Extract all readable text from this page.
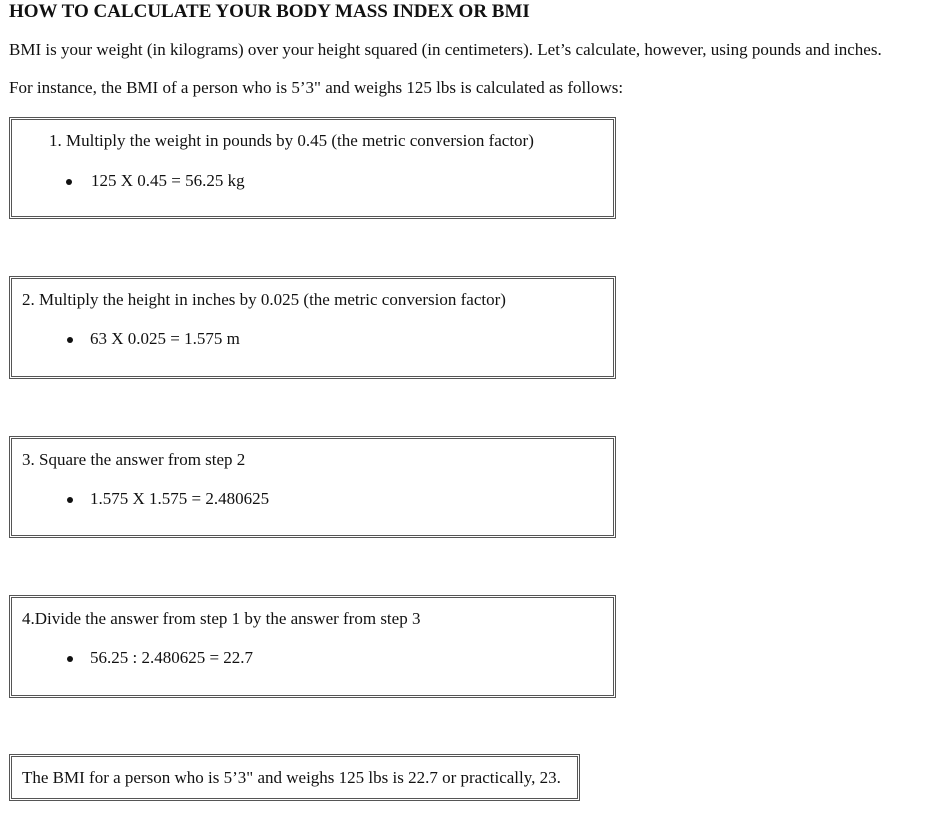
HOW TO CALCULATE YOUR BODY MASS INDEX OR BMI

BMI is your weight (in kilograms) over your height squared (in centimeters). Let’s calculate, however, using pounds and inches.

For instance, the BMI of a person who is 5’3" and weighs 125 lbs is calculated as follows:

1. Multiply the weight in pounds by 0.45 (the metric conversion factor)
125 X 0.45 = 56.25 kg
2. Multiply the height in inches by 0.025 (the metric conversion factor)
63 X 0.025 = 1.575 m
3. Square the answer from step 2
1.575 X 1.575 = 2.480625
4.Divide the answer from step 1 by the answer from step 3
56.25 : 2.480625 = 22.7
The BMI for a person who is 5’3" and weighs 125 lbs is 22.7 or practically, 23.
